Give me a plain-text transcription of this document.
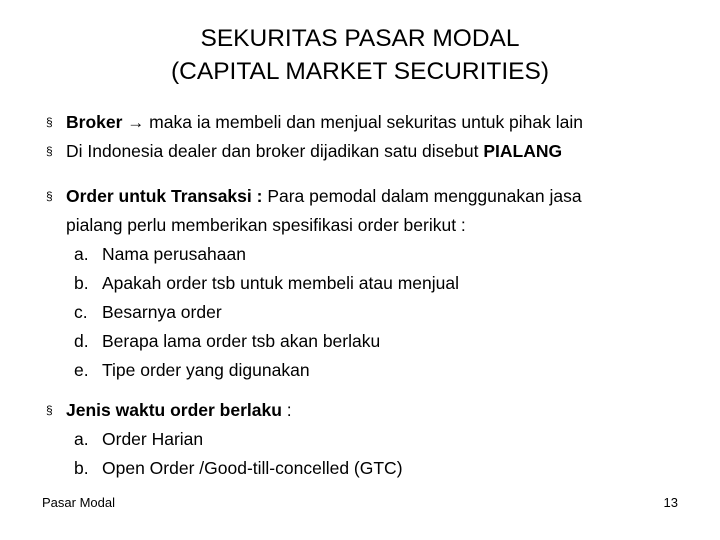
SEKURITAS PASAR MODAL
(CAPITAL MARKET SECURITIES)
§ Broker → maka ia membeli dan menjual sekuritas untuk pihak lain
§ Di Indonesia dealer dan broker dijadikan satu disebut PIALANG
§ Order untuk Transaksi : Para pemodal dalam menggunakan jasa
pialang perlu memberikan spesifikasi order berikut :
a. Nama perusahaan
b. Apakah order tsb untuk membeli atau menjual
c. Besarnya order
d. Berapa lama order tsb akan berlaku
e. Tipe order yang digunakan
§ Jenis waktu order berlaku :
a. Order Harian
b. Open Order /Good-till-concelled (GTC)
Pasar Modal	13
